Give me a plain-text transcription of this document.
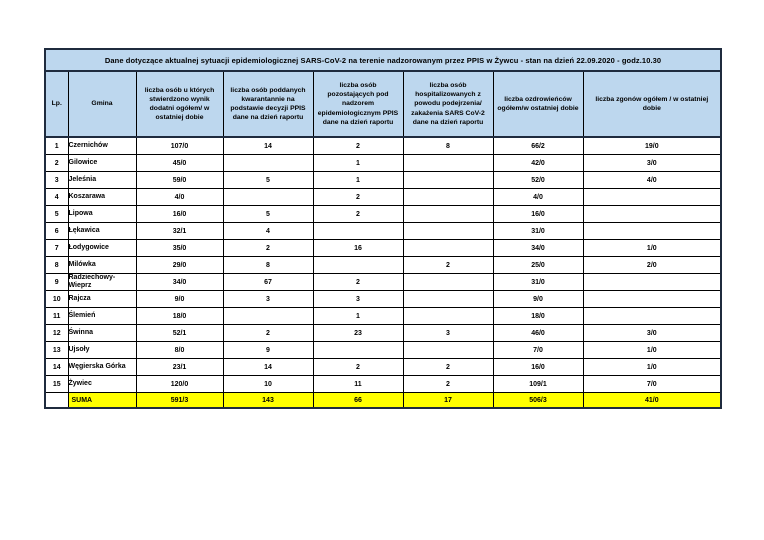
Dane dotyczące aktualnej sytuacji epidemiologicznej SARS-CoV-2 na terenie nadzorowanym przez PPIS w Żywcu - stan na dzień 22.09.2020 - godz.10.30							
Lp.	Gmina	liczba osób u których stwierdzono wynik dodatni ogółem/ w ostatniej dobie	liczba osób poddanych kwarantannie na podstawie decyzji PPIS dane na dzień raportu	liczba osób pozostających pod nadzorem epidemiologicznym PPIS dane na dzień raportu	liczba osób hospitalizowanych z powodu podejrzenia/ zakażenia SARS CoV-2 dane na dzień raportu	liczba ozdrowieńców ogółem/w ostatniej dobie	liczba zgonów ogółem / w ostatniej dobie
1	Czernichów	107/0	14	2	8	66/2	19/0
2	Gilowice	45/0		1		42/0	3/0
3	Jeleśnia	59/0	5	1		52/0	4/0
4	Koszarawa	4/0		2		4/0	
5	Lipowa	16/0	5	2		16/0	
6	Łękawica	32/1	4			31/0	
7	Łodygowice	35/0	2	16		34/0	1/0
8	Milówka	29/0	8		2	25/0	2/0
9	Radziechowy-Wieprz	34/0	67	2		31/0	
10	Rajcza	9/0	3	3		9/0	
11	Ślemień	18/0		1		18/0	
12	Świnna	52/1	2	23	3	46/0	3/0
13	Ujsoły	8/0	9			7/0	1/0
14	Węgierska Górka	23/1	14	2	2	16/0	1/0
15	Żywiec	120/0	10	11	2	109/1	7/0
	SUMA	591/3	143	66	17	506/3	41/0
